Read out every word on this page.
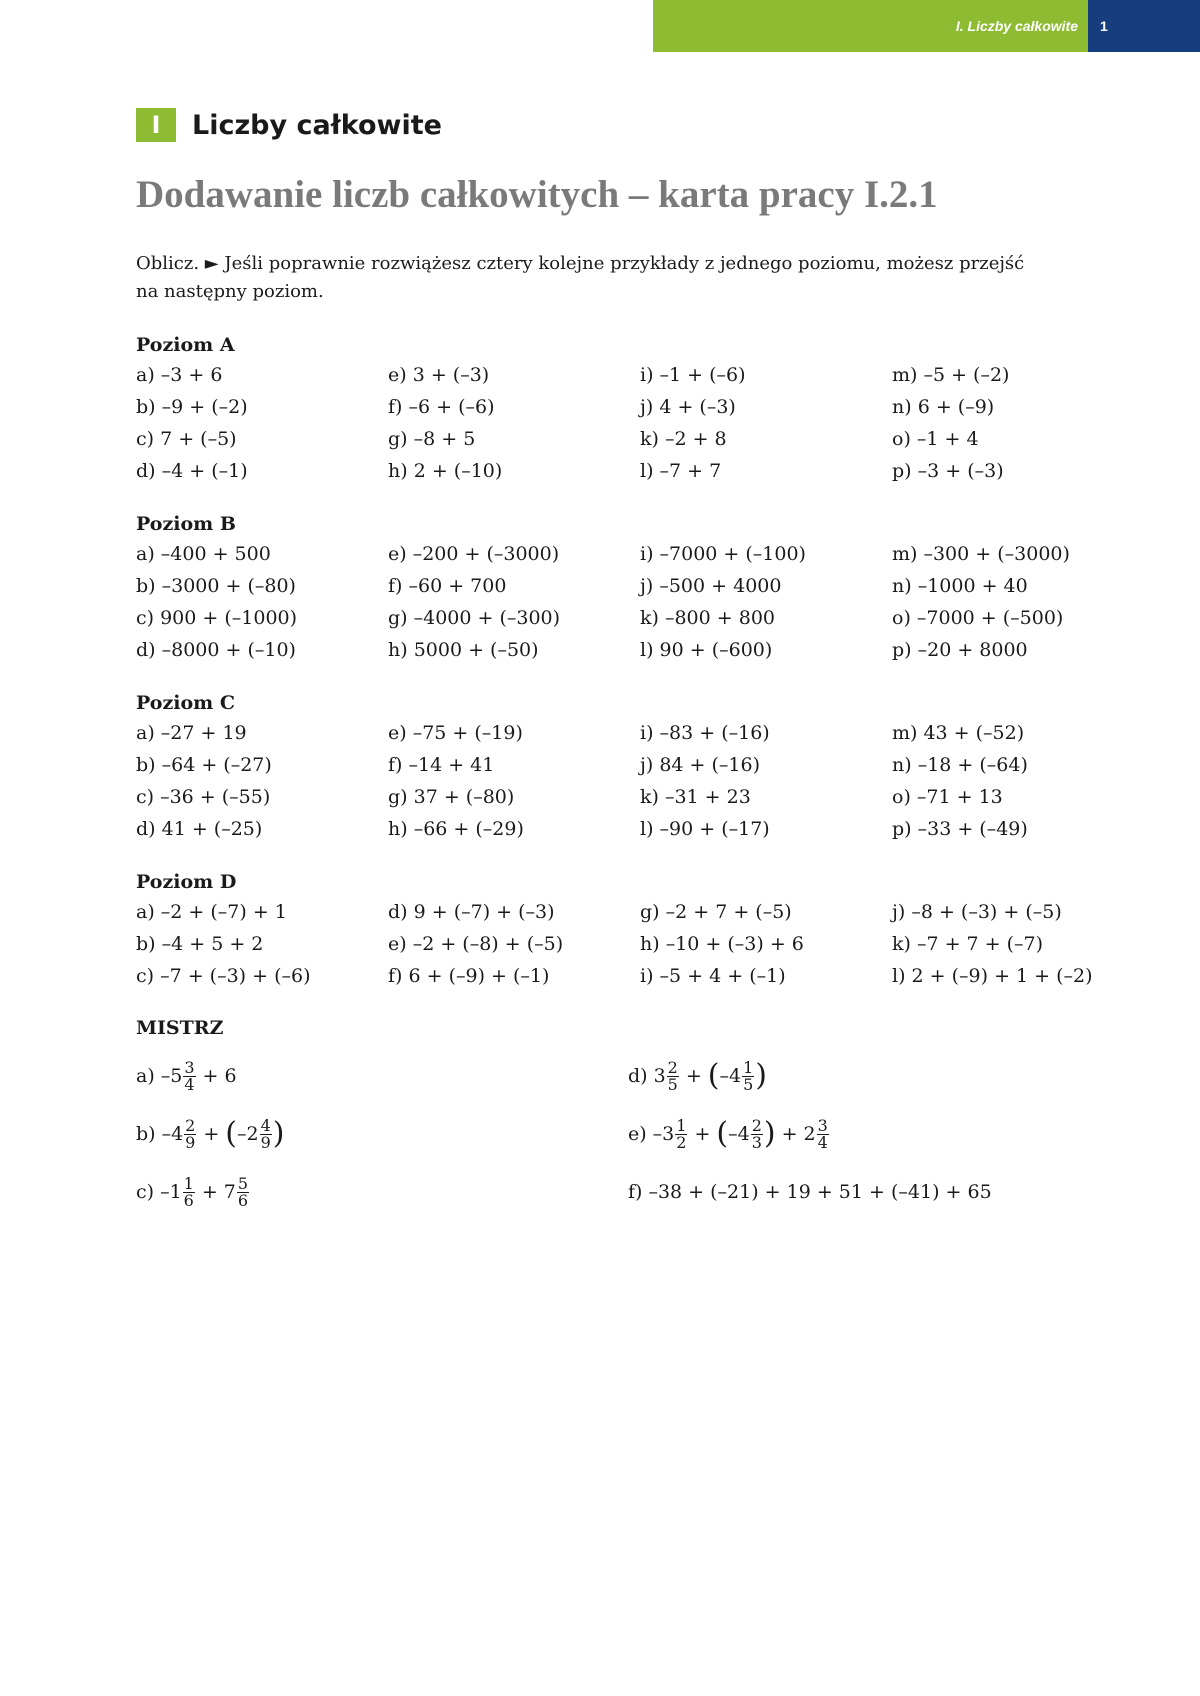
I. Liczby całkowite	1
I	Liczby całkowite
Dodawanie liczb całkowitych – karta pracy I.2.1
Oblicz. ► Jeśli poprawnie rozwiążesz cztery kolejne przykłady z jednego poziomu, możesz przejść
na następny poziom.
Poziom A
a) –3 + 6	e) 3 + (–3)	i) –1 + (–6)	m) –5 + (–2)
b) –9 + (–2)	f) –6 + (–6)	j) 4 + (–3)	n) 6 + (–9)
c) 7 + (–5)	g) –8 + 5	k) –2 + 8	o) –1 + 4
d) –4 + (–1)	h) 2 + (–10)	l) –7 + 7	p) –3 + (–3)
Poziom B
a) –400 + 500	e) –200 + (–3000)	i) –7000 + (–100)	m) –300 + (–3000)
b) –3000 + (–80)	f) –60 + 700	j) –500 + 4000	n) –1000 + 40
c) 900 + (–1000)	g) –4000 + (–300)	k) –800 + 800	o) –7000 + (–500)
d) –8000 + (–10)	h) 5000 + (–50)	l) 90 + (–600)	p) –20 + 8000
Poziom C
a) –27 + 19	e) –75 + (–19)	i) –83 + (–16)	m) 43 + (–52)
b) –64 + (–27)	f) –14 + 41	j) 84 + (–16)	n) –18 + (–64)
c) –36 + (–55)	g) 37 + (–80)	k) –31 + 23	o) –71 + 13
d) 41 + (–25)	h) –66 + (–29)	l) –90 + (–17)	p) –33 + (–49)
Poziom D
a) –2 + (–7) + 1	d) 9 + (–7) + (–3)	g) –2 + 7 + (–5)	j) –8 + (–3) + (–5)
b) –4 + 5 + 2	e) –2 + (–8) + (–5)	h) –10 + (–3) + 6	k) –7 + 7 + (–7)
c) –7 + (–3) + (–6)	f) 6 + (–9) + (–1)	i) –5 + 4 + (–1)	l) 2 + (–9) + 1 + (–2)
MISTRZ
a) $-5 \frac{3}{4} + 6$	d) $3 \frac{2}{5}$ + ( $-4 \frac{1}{5}$ )
b) $-4 \frac{2}{9}$ + ( $-2 \frac{4}{9}$ )	e) $-3 \frac{1}{2}$ + ( $-4 \frac{2}{3}$ ) + $2 \frac{3}{4}$
c) $-1 \frac{1}{6} + 7 \frac{5}{6}$	f) –38 + (–21) + 19 + 51 + (–41) + 65
